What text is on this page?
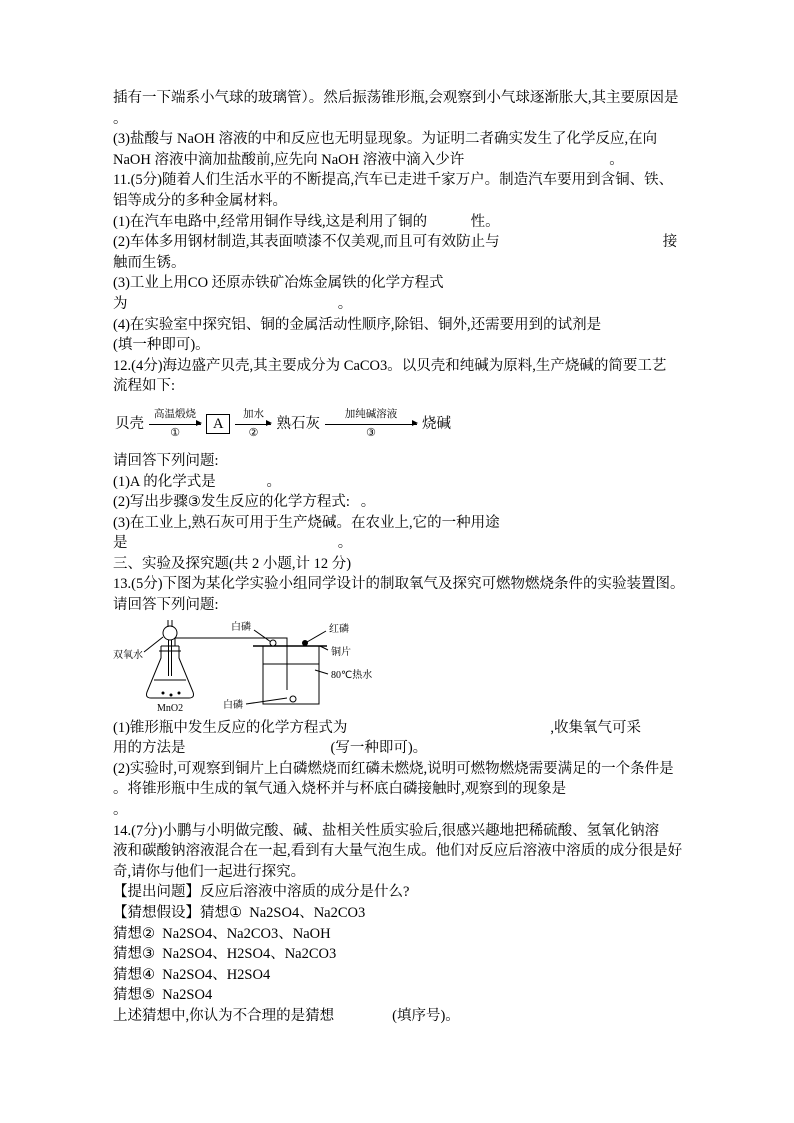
插有一下端系小气球的玻璃管）。然后振荡锥形瓶,会观察到小气球逐渐胀大,其主要原因是
。
(3)盐酸与 NaOH 溶液的中和反应也无明显现象。为证明二者确实发生了化学反应,在向
NaOH 溶液中滴加盐酸前,应先向 NaOH 溶液中滴入少许                                        。
11.(5分)随着人们生活水平的不断提高,汽车已走进千家万户。制造汽车要用到含铜、铁、
铝等成分的多种金属材料。
(1)在汽车电路中,经常用铜作导线,这是利用了铜的            性。
(2)车体多用钢材制造,其表面喷漆不仅美观,而且可有效防止与                                             接
触而生锈。
(3)工业上用CO 还原赤铁矿冶炼金属铁的化学方程式
为                                                          。
(4)在实验室中探究铝、铜的金属活动性顺序,除铝、铜外,还需要用到的试剂是
(填一种即可)。
12.(4分)海边盛产贝壳,其主要成分为 CaCO3。以贝壳和纯碱为原料,生产烧碱的简要工艺
流程如下:
贝壳
高温煅烧
①
A
加水
②
熟石灰
加纯碱溶液
③
烧碱
请回答下列问题:
(1)A 的化学式是              。
(2)写出步骤③发生反应的化学方程式:   。
(3)在工业上,熟石灰可用于生产烧碱。在农业上,它的一种用途
是                                                          。
三、实验及探究题(共 2 小题,计 12 分)
13.(5分)下图为某化学实验小组同学设计的制取氧气及探究可燃物燃烧条件的实验装置图。
请回答下列问题:
双氧水
MnO2
白磷	红磷
铜片
80℃热水
白磷
(1)锥形瓶中发生反应的化学方程式为                                                        ,收集氧气可采
用的方法是                                        (写一种即可)。
(2)实验时,可观察到铜片上白磷燃烧而红磷未燃烧,说明可燃物燃烧需要满足的一个条件是
。将锥形瓶中生成的氧气通入烧杯并与杯底白磷接触时,观察到的现象是
。
14.(7分)小鹏与小明做完酸、碱、盐相关性质实验后,很感兴趣地把稀硫酸、氢氧化钠溶
液和碳酸钠溶液混合在一起,看到有大量气泡生成。他们对反应后溶液中溶质的成分很是好
奇,请你与他们一起进行探究。
【提出问题】反应后溶液中溶质的成分是什么?
【猜想假设】猜想①  Na2SO4、Na2CO3
猜想②  Na2SO4、Na2CO3、NaOH
猜想③  Na2SO4、H2SO4、Na2CO3
猜想④  Na2SO4、H2SO4
猜想⑤  Na2SO4
上述猜想中,你认为不合理的是猜想                (填序号)。
